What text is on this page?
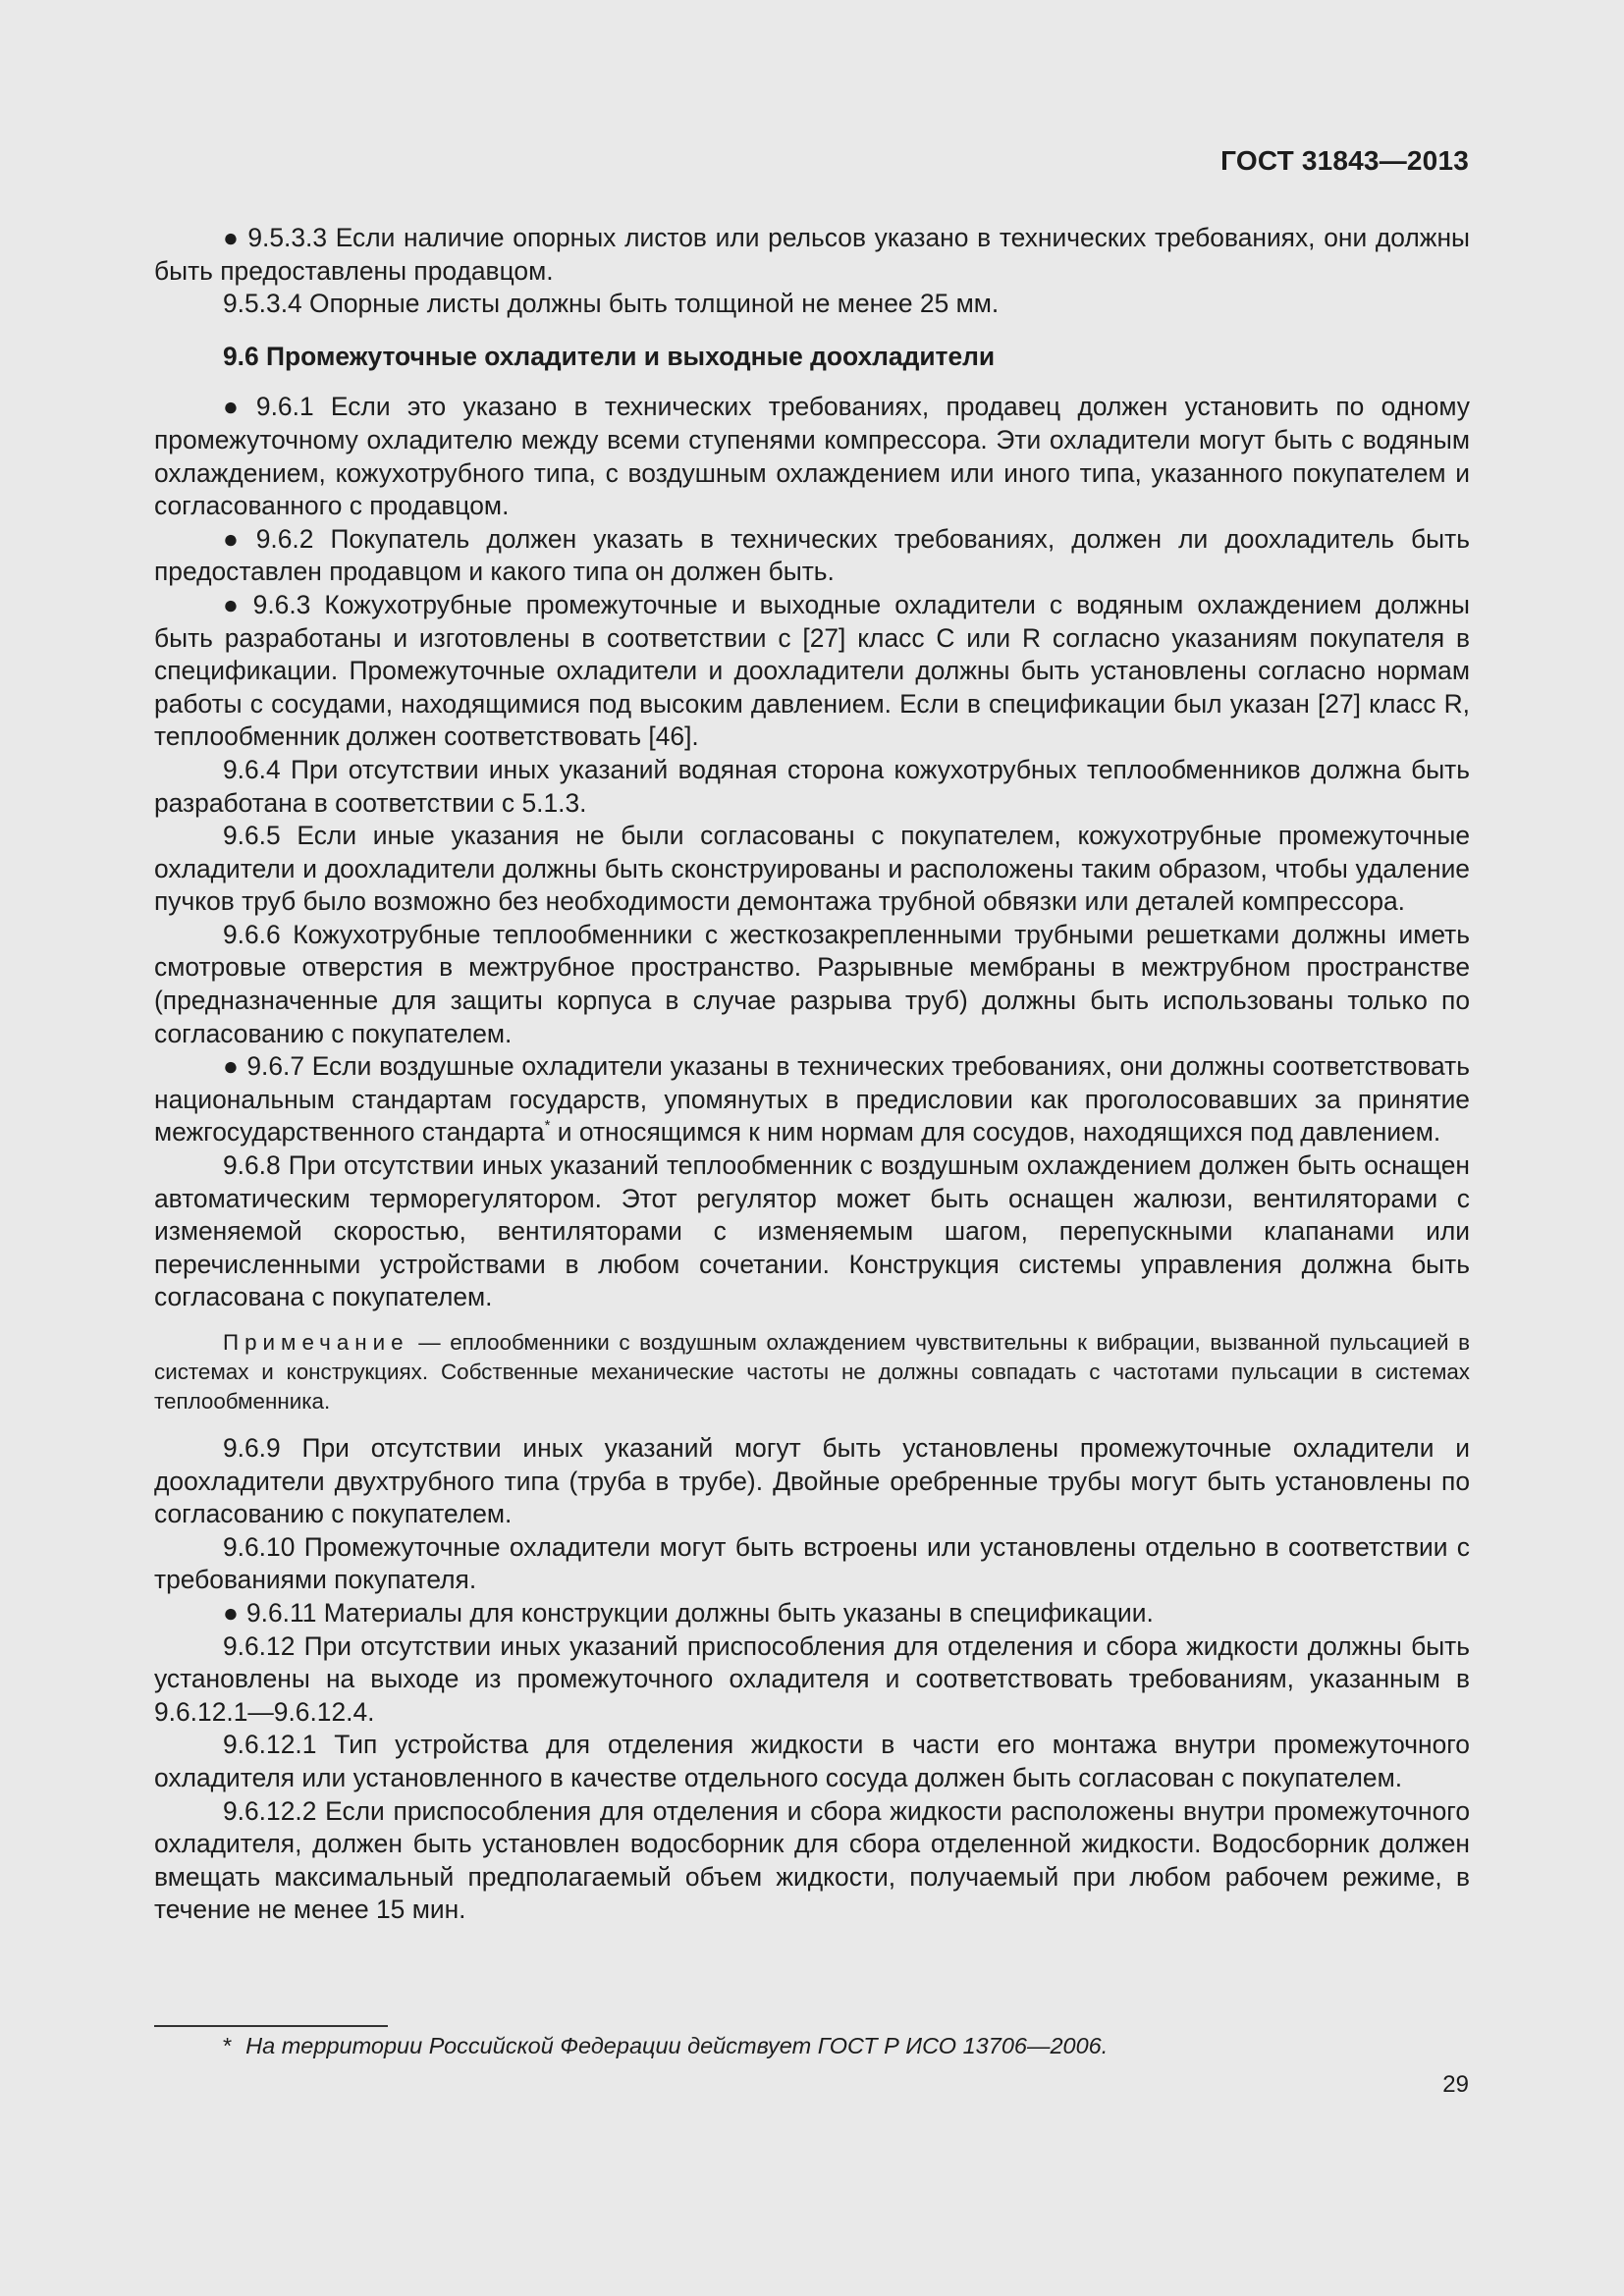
ГОСТ 31843—2013

● 9.5.3.3 Если наличие опорных листов или рельсов указано в технических требованиях, они должны быть предоставлены продавцом.

9.5.3.4 Опорные листы должны быть толщиной не менее 25 мм.

9.6 Промежуточные охладители и выходные доохладители

● 9.6.1 Если это указано в технических требованиях, продавец должен установить по одному промежуточному охладителю между всеми ступенями компрессора. Эти охладители могут быть с водяным охлаждением, кожухотрубного типа, с воздушным охлаждением или иного типа, указанного покупателем и согласованного с продавцом.

● 9.6.2 Покупатель должен указать в технических требованиях, должен ли доохладитель быть предоставлен продавцом и какого типа он должен быть.

● 9.6.3 Кожухотрубные промежуточные и выходные охладители с водяным охлаждением должны быть разработаны и изготовлены в соответствии с [27] класс C или R согласно указаниям покупателя в спецификации. Промежуточные охладители и доохладители должны быть установлены согласно нормам работы с сосудами, находящимися под высоким давлением. Если в спецификации был указан [27] класс R, теплообменник должен соответствовать [46].

9.6.4 При отсутствии иных указаний водяная сторона кожухотрубных теплообменников должна быть разработана в соответствии с 5.1.3.

9.6.5 Если иные указания не были согласованы с покупателем, кожухотрубные промежуточные охладители и доохладители должны быть сконструированы и расположены таким образом, чтобы удаление пучков труб было возможно без необходимости демонтажа трубной обвязки или деталей компрессора.

9.6.6 Кожухотрубные теплообменники с жесткозакрепленными трубными решетками должны иметь смотровые отверстия в межтрубное пространство. Разрывные мембраны в межтрубном пространстве (предназначенные для защиты корпуса в случае разрыва труб) должны быть использованы только по согласованию с покупателем.

● 9.6.7 Если воздушные охладители указаны в технических требованиях, они должны соответствовать национальным стандартам государств, упомянутых в предисловии как проголосовавших за принятие межгосударственного стандарта* и относящимся к ним нормам для сосудов, находящихся под давлением.

9.6.8 При отсутствии иных указаний теплообменник с воздушным охлаждением должен быть оснащен автоматическим терморегулятором. Этот регулятор может быть оснащен жалюзи, вентиляторами с изменяемой скоростью, вентиляторами с изменяемым шагом, перепускными клапанами или перечисленными устройствами в любом сочетании. Конструкция системы управления должна быть согласована с покупателем.

Примечание — еплообменники с воздушным охлаждением чувствительны к вибрации, вызванной пульсацией в системах и конструкциях. Собственные механические частоты не должны совпадать с частотами пульсации в системах теплообменника.

9.6.9 При отсутствии иных указаний могут быть установлены промежуточные охладители и доохладители двухтрубного типа (труба в трубе). Двойные оребренные трубы могут быть установлены по согласованию с покупателем.

9.6.10 Промежуточные охладители могут быть встроены или установлены отдельно в соответствии с требованиями покупателя.

● 9.6.11 Материалы для конструкции должны быть указаны в спецификации.

9.6.12 При отсутствии иных указаний приспособления для отделения и сбора жидкости должны быть установлены на выходе из промежуточного охладителя и соответствовать требованиям, указанным в 9.6.12.1—9.6.12.4.

9.6.12.1 Тип устройства для отделения жидкости в части его монтажа внутри промежуточного охладителя или установленного в качестве отдельного сосуда должен быть согласован с покупателем.

9.6.12.2 Если приспособления для отделения и сбора жидкости расположены внутри промежуточного охладителя, должен быть установлен водосборник для сбора отделенной жидкости. Водосборник должен вмещать максимальный предполагаемый объем жидкости, получаемый при любом рабочем режиме, в течение не менее 15 мин.

* На территории Российской Федерации действует ГОСТ Р ИСО 13706—2006.
29
